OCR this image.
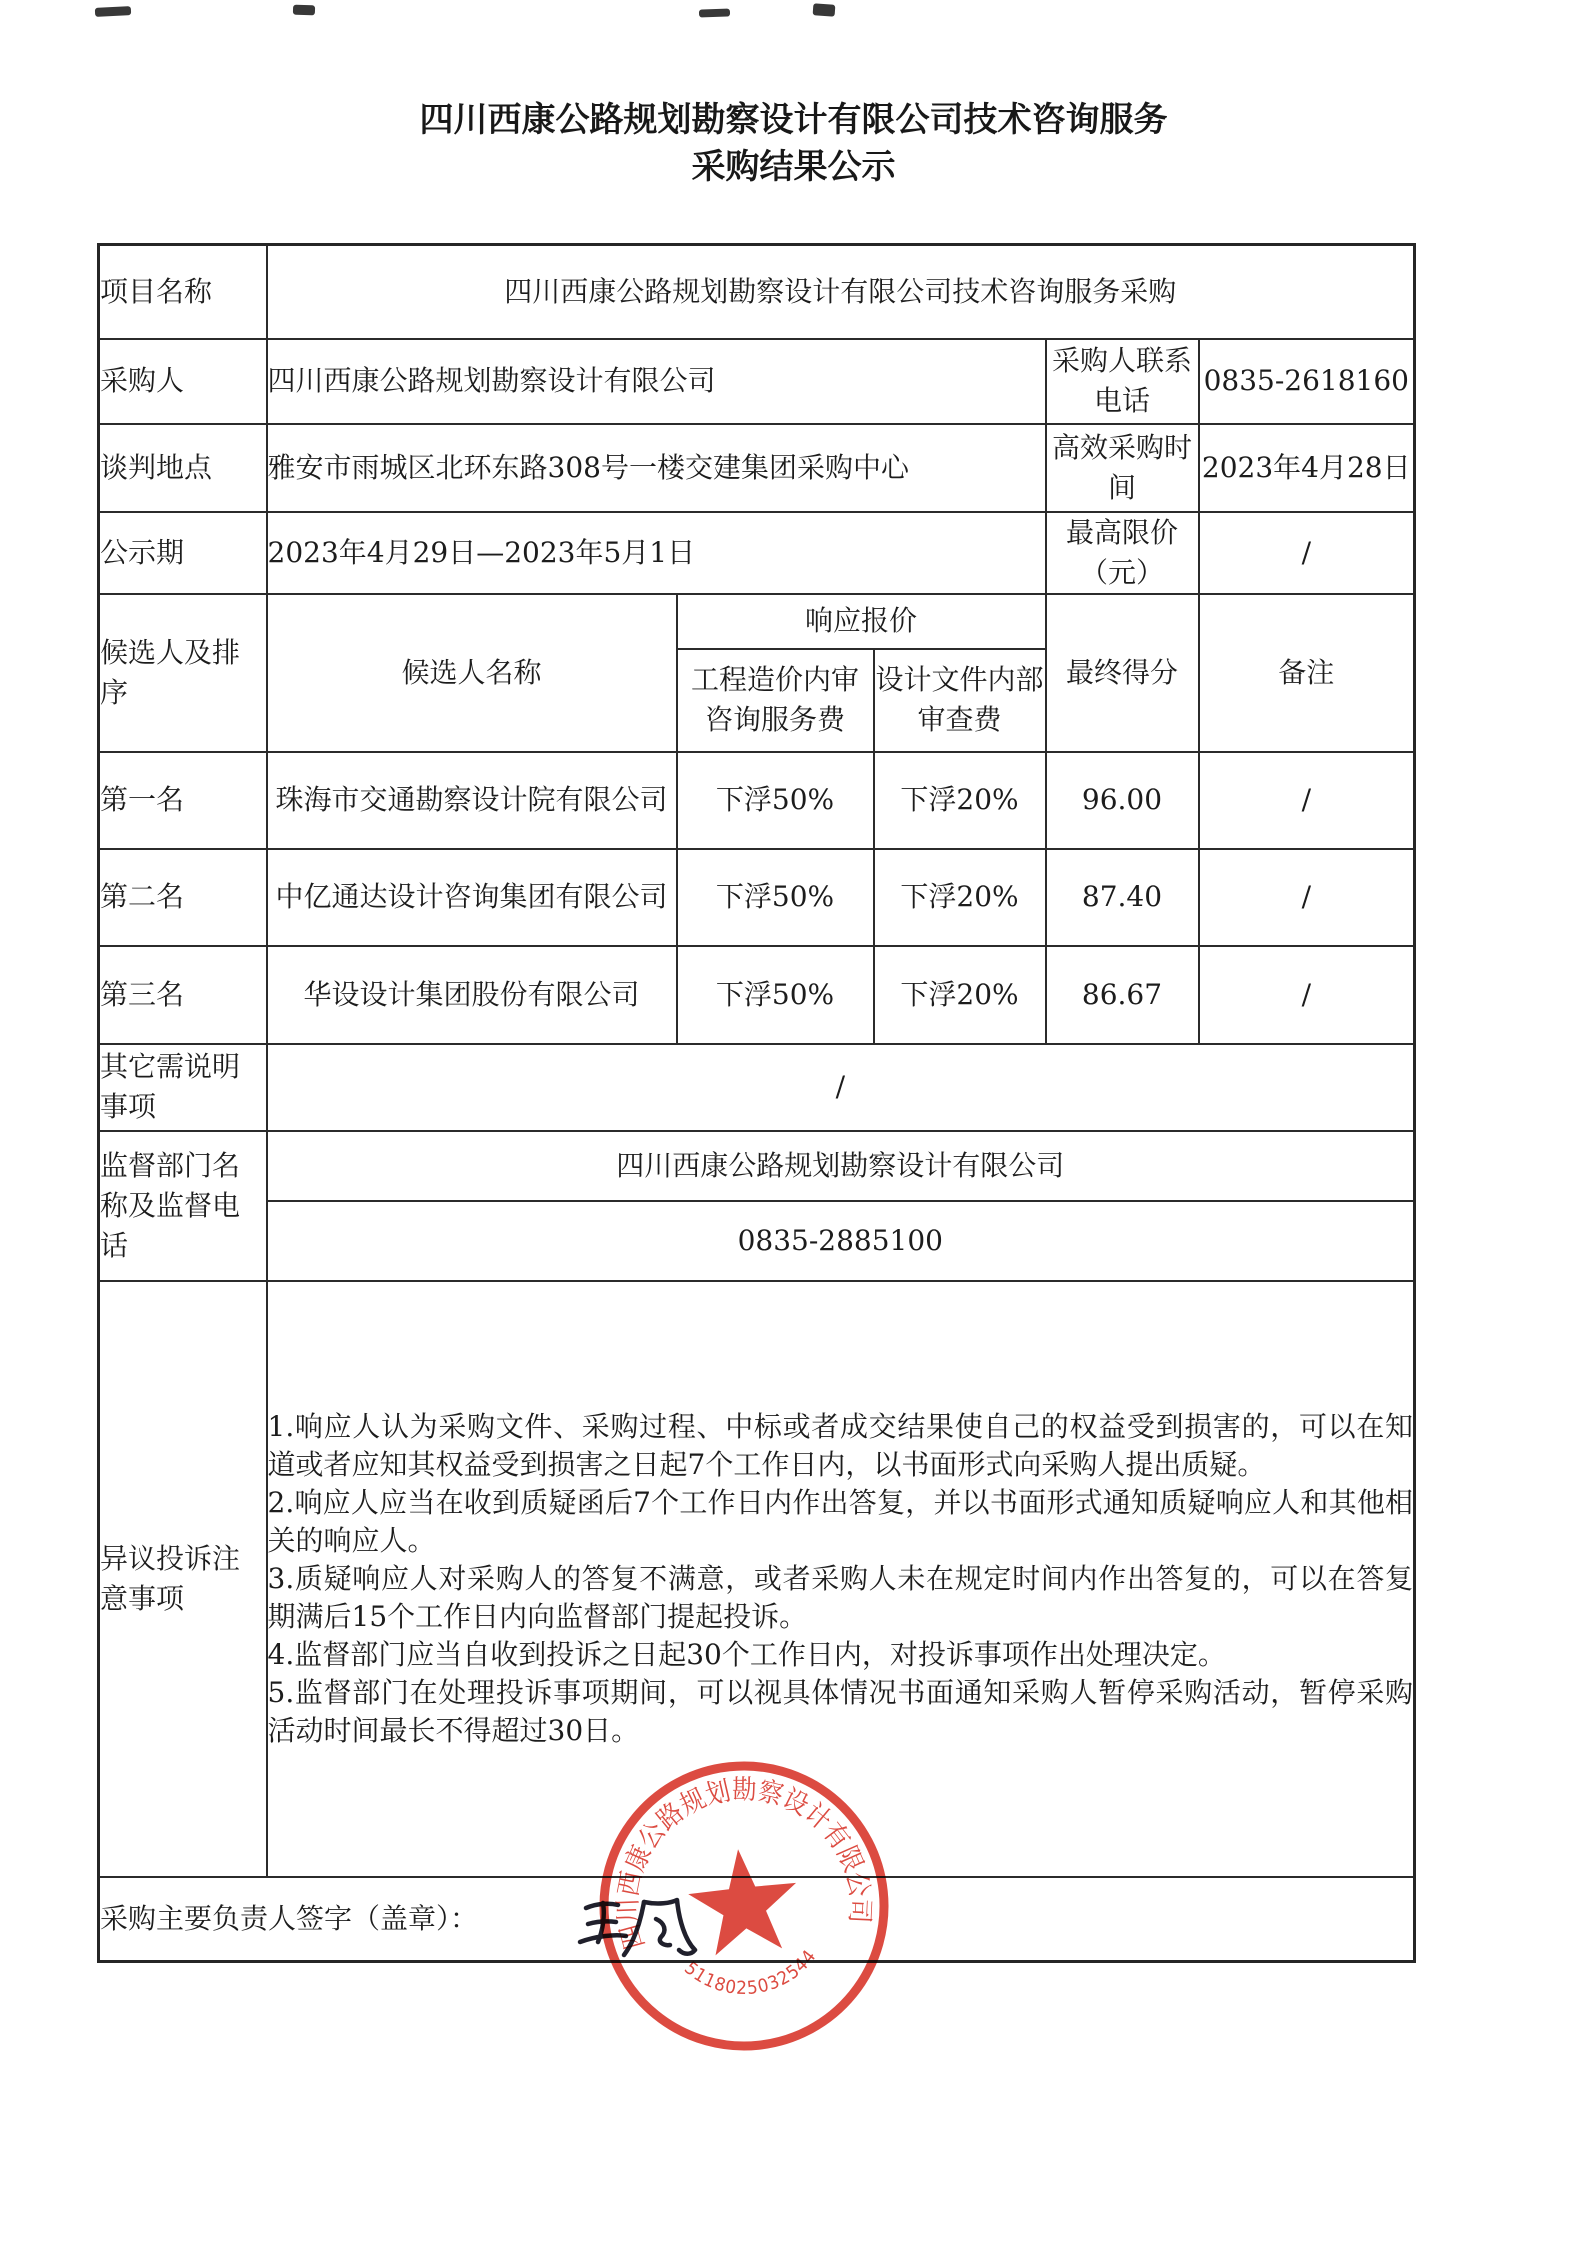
四川西康公路规划勘察设计有限公司技术咨询服务
采购结果公示
项目名称	四川西康公路规划勘察设计有限公司技术咨询服务采购				
采购人	四川西康公路规划勘察设计有限公司			采购人联系电话	0835-2618160
谈判地点	雅安市雨城区北环东路308号一楼交建集团采购中心			高效采购时间	2023年4月28日
公示期	2023年4月29日—2023年5月1日			最高限价（元）	/
候选人及排序	候选人名称	响应报价		最终得分	备注
		工程造价内审咨询服务费	设计文件内部审查费		
第一名	珠海市交通勘察设计院有限公司	下浮50%	下浮20%	96.00	/
第二名	中亿通达设计咨询集团有限公司	下浮50%	下浮20%	87.40	/
第三名	华设设计集团股份有限公司	下浮50%	下浮20%	86.67	/
其它需说明事项	/				
监督部门名称及监督电话	四川西康公路规划勘察设计有限公司				
	0835-2885100				
异议投诉注意事项	1.响应人认为采购文件、采购过程、中标或者成交结果使自己的权益受到损害的，可以在知道或者应知其权益受到损害之日起7个工作日内，以书面形式向采购人提出质疑。

2.响应人应当在收到质疑函后7个工作日内作出答复，并以书面形式通知质疑响应人和其他相关的响应人。

3.质疑响应人对采购人的答复不满意，或者采购人未在规定时间内作出答复的，可以在答复期满后15个工作日内向监督部门提起投诉。

4.监督部门应当自收到投诉之日起30个工作日内，对投诉事项作出处理决定。

5.监督部门在处理投诉事项期间，可以视具体情况书面通知采购人暂停采购活动，暂停采购活动时间最长不得超过30日。				

采购主要负责人签字（盖章）：						四川西康公路规划勘察设计有限公司
5118025032544
